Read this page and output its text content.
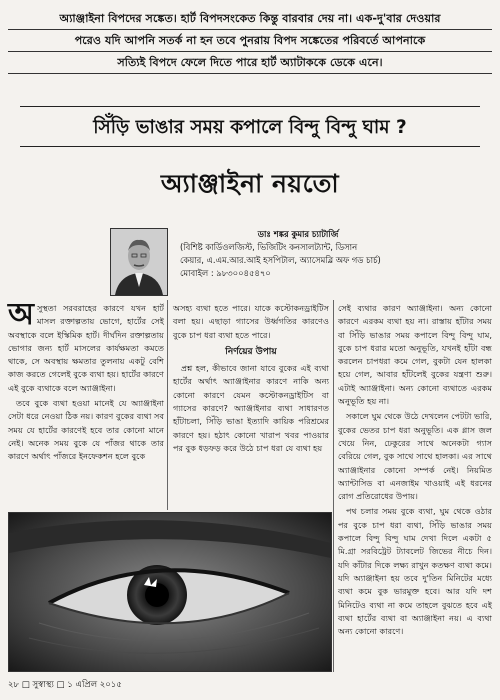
অ্যাঞ্জাইনা বিপদের সঙ্কেত। হার্ট বিপদসংকেত কিন্তু বারবার দেয় না। এক-দু'বার দেওয়ার
পরেও যদি আপনি সতর্ক না হন তবে পুনরায় বিপদ সঙ্কেতের পরিবর্তে আপনাকে
সত্যিই বিপদে ফেলে দিতে পারে হার্ট অ্যাটাককে ডেকে এনে।
সিঁড়ি ভাঙার সময় কপালে বিন্দু বিন্দু ঘাম ?
অ্যাঞ্জাইনা নয়তো
ডাঃ শঙ্কর কুমার চ্যাটার্জি
(বিশিষ্ট কার্ডিওলজিস্ট, ভিজিটিং কনসালট্যান্ট, ডিসান
কেয়ার, এ.এম.আর.আই হসপিটাল, অ্যাসেমব্লি অফ গড চার্চ)
মোবাইল : ৯৮৩০০৪৫৪৭০

অসুস্থতা সরবরাহের কারণে যখন হার্ট মাসল রক্তাল্পতায় ভোগে, হার্টের সেই অবস্থাকে বলে ইস্কিমিক হার্ট। দীর্ঘদিন রক্তাল্পতায় ভোগার জন্য হার্ট মাসলের কার্যক্ষমতা কমতে থাকে, সে অবস্থায় ক্ষমতার তুলনায় একটু বেশি কাজ করতে গেলেই বুকে ব্যথা হয়। হার্টের কারণে এই বুকে ব্যথাকে বলে অ্যাঞ্জাইনা।

তবে বুকে ব্যথা হওয়া মানেই যে অ্যাঞ্জাইনা সেটা ধরে নেওয়া ঠিক নয়। কারণ বুকের ব্যথা সব সময় যে হার্টের কারণেই হবে তার কোনো মানে নেই। অনেক সময় বুকে যে পাঁজর থাকে তার কারণে অর্থাৎ পাঁজরে ইনফেকশন হলে বুকে

অসহ্য ব্যথা হতে পারে। যাকে কস্টোকনড্রাইটিস বলা হয়। এছাড়া গ্যাসের উর্ধ্বগতির কারণেও বুকে চাপ ধরা ব্যথা হতে পারে।

নির্ণয়ের উপায়

প্রশ্ন হল, কীভাবে জানা যাবে বুকের এই ব্যথা হার্টের অর্থাৎ অ্যাঞ্জাইনার কারণে নাকি অন্য কোনো কারণে যেমন কস্টোকনড্রাইটিস বা গ্যাসের কারণে? অ্যাঞ্জাইনার ব্যথা সাধারণত হাঁটাচলা, সিঁড়ি ভাঙা ইত্যাদি কায়িক পরিশ্রমের কারণে হয়। হঠাৎ কোনো খারাপ খবর পাওয়ার পর বুক ধড়ফড় করে উঠে চাপ ধরা যে ব্যথা হয়

সেই ব্যথার কারণ অ্যাঞ্জাইনা। অন্য কোনো কারণে এরকম ব্যথা হয় না। রাস্তায় হাঁটার সময় বা সিঁড়ি ভাঙার সময় কপালে বিন্দু বিন্দু ঘাম, বুকে চাপ ধরার মতো অনুভূতি, যখনই হাঁটা বন্ধ করলেন চাপধরা কমে গেল, বুকটা যেন হালকা হয়ে গেল, আবার হাঁটলেই বুকের যন্ত্রণা শুরু। এটাই অ্যাঞ্জাইনা। অন্য কোনো ব্যথাতে এরকম অনুভূতি হয় না।

সকালে ঘুম থেকে উঠে দেখলেন পেটটা ভারি, বুকের ভেতর চাপ ধরা অনুভূতি। এক গ্লাস জল খেয়ে নিন, ঢেকুরের সাথে অনেকটা গ্যাস বেরিয়ে গেল, বুক সাথে সাথে হালকা। এর সাথে অ্যাঞ্জাইনার কোনো সম্পর্ক নেই। নিয়মিত অ্যান্টাসিড বা এনজাইম খাওয়াই এই ধরনের রোগ প্রতিরোধের উপায়।

পথ চলার সময় বুকে ব্যথা, ঘুম থেকে ওঠার পর বুকে চাপ ধরা ব্যথা, সিঁড়ি ভাঙার সময় কপালে বিন্দু বিন্দু ঘাম দেখা দিলে একটা ৫ মি.গ্রা সরবিট্রেট ট্যাবলেট জিভের নীচে দিন। যদি কাঁটার দিকে লক্ষ্য রাখুন কতক্ষণ ব্যথা কমে। যদি অ্যাঞ্জাইনা হয় তবে দু'তিন মিনিটের মধ্যে ব্যথা কমে বুক ভারমুক্ত হবে। আর যদি দশ মিনিটেও ব্যথা না কমে তাহলে বুঝতে হবে এই ব্যথা হার্টের ব্যথা বা অ্যাঞ্জাইনা নয়। এ ব্যথা অন্য কোনো কারণে।

২৮ □ সুস্বাস্থ্য □ ১ এপ্রিল ২০১৫
